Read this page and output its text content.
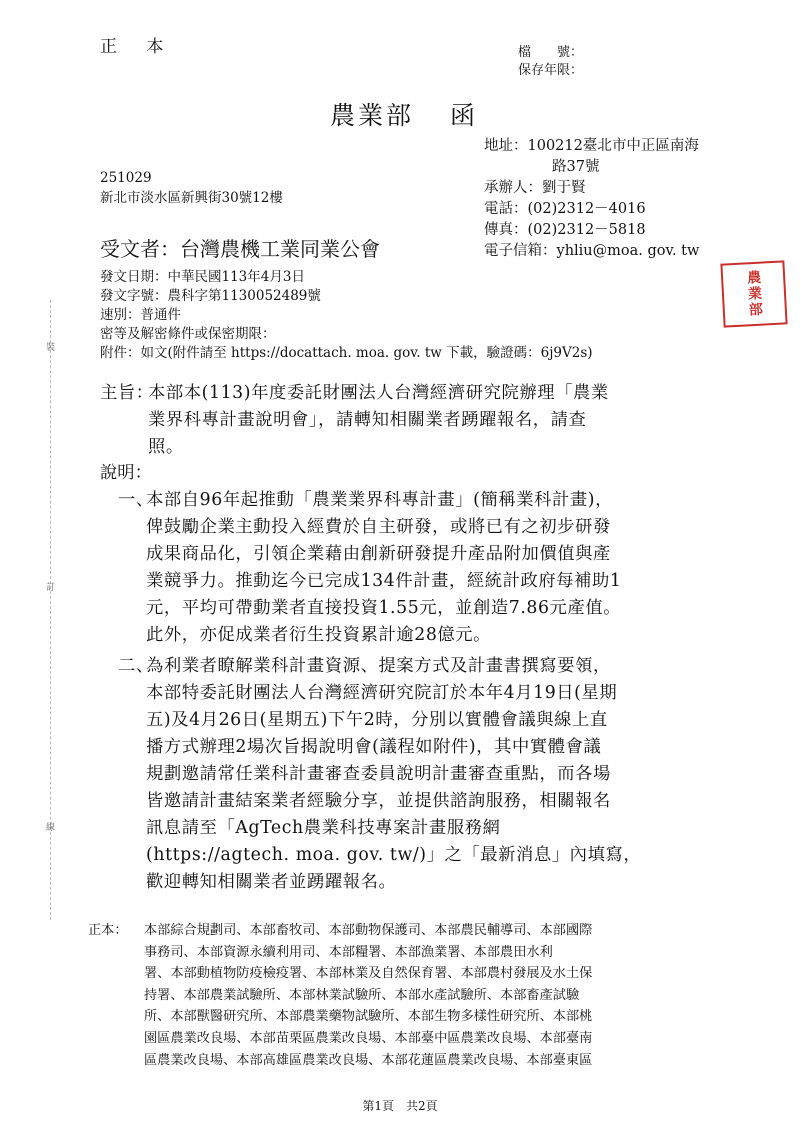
正 本	檔　　號：
保存年限：
農業部 函
地址：100212臺北市中正區南海
路37號
承辦人：劉于賢
電話：(02)2312－4016
傳真：(02)2312－5818
電子信箱：yhliu@moa. gov. tw
251029
新北市淡水區新興街30號12樓
受文者：台灣農機工業同業公會
發文日期：中華民國113年4月3日
發文字號：農科字第1130052489號
速別：普通件
密等及解密條件或保密期限：
附件：如文(附件請至 https://docattach. moa. gov. tw 下載，驗證碼：6j9V2s)
主旨：
本部本(113)年度委託財團法人台灣經濟研究院辦理「農業
業界科專計畫說明會」，請轉知相關業者踴躍報名，請查
照。
說明：
一、
本部自96年起推動「農業業界科專計畫」(簡稱業科計畫)，
俾鼓勵企業主動投入經費於自主研發，或將已有之初步研發
成果商品化，引領企業藉由創新研發提升產品附加價值與產
業競爭力。推動迄今已完成134件計畫，經統計政府每補助1
元，平均可帶動業者直接投資1.55元，並創造7.86元產值。
此外，亦促成業者衍生投資累計逾28億元。
二、
為利業者瞭解業科計畫資源、提案方式及計畫書撰寫要領，
本部特委託財團法人台灣經濟研究院訂於本年4月19日(星期
五)及4月26日(星期五)下午2時，分別以實體會議與線上直
播方式辦理2場次旨揭說明會(議程如附件)，其中實體會議
規劃邀請常任業科計畫審查委員說明計畫審查重點，而各場
皆邀請計畫結案業者經驗分享，並提供諮詢服務，相關報名
訊息請至「AgTech農業科技專案計畫服務網
(https://agtech. moa. gov. tw/)」之「最新消息」內填寫，
歡迎轉知相關業者並踴躍報名。
正本： 本部綜合規劃司、本部畜牧司、本部動物保護司、本部農民輔導司、本部國際
事務司、本部資源永續利用司、本部糧署、本部漁業署、本部農田水利
署、本部動植物防疫檢疫署、本部林業及自然保育署、本部農村發展及水土保
持署、本部農業試驗所、本部林業試驗所、本部水產試驗所、本部畜產試驗
所、本部獸醫研究所、本部農業藥物試驗所、本部生物多樣性研究所、本部桃
園區農業改良場、本部苗栗區農業改良場、本部臺中區農業改良場、本部臺南
區農業改良場、本部高雄區農業改良場、本部花蓮區農業改良場、本部臺東區
第1頁　共2頁
裝
訂
線
農業部
